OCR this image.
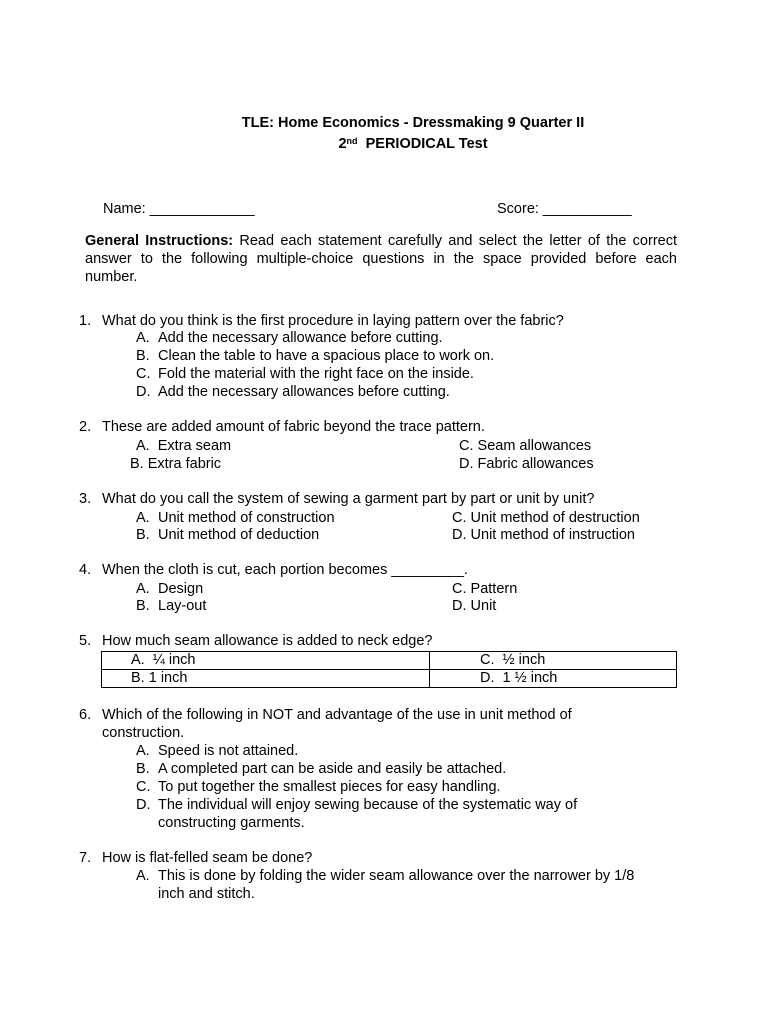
TLE: Home Economics - Dressmaking 9 Quarter II
2nd  PERIODICAL Test
Name: _____________	Score: ___________
General Instructions: Read each statement carefully and select the letter of the correct answer to the following multiple-choice questions in the space provided before each number.
1. What do you think is the first procedure in laying pattern over the fabric?
A. Add the necessary allowance before cutting.
B. Clean the table to have a spacious place to work on.
C. Fold the material with the right face on the inside.
D. Add the necessary allowances before cutting.
2. These are added amount of fabric beyond the trace pattern.
A.  Extra seam	C. Seam allowances
B. Extra fabric	D. Fabric allowances
3. What do you call the system of sewing a garment part by part or unit by unit?
A. Unit method of construction	C. Unit method of destruction
B. Unit method of deduction	D. Unit method of instruction
4. When the cloth is cut, each portion becomes _________.
A. Design	C. Pattern
B. Lay-out	D. Unit
5. How much seam allowance is added to neck edge?
A.  ¼ inch	C.  ½ inch
B. 1 inch	D.  1 ½ inch
6. Which of the following in NOT and advantage of the use in unit method of
construction.
A. Speed is not attained.
B. A completed part can be aside and easily be attached.
C. To put together the smallest pieces for easy handling.
D. The individual will enjoy sewing because of the systematic way of
constructing garments.
7. How is flat-felled seam be done?
A. This is done by folding the wider seam allowance over the narrower by 1/8
inch and stitch.
